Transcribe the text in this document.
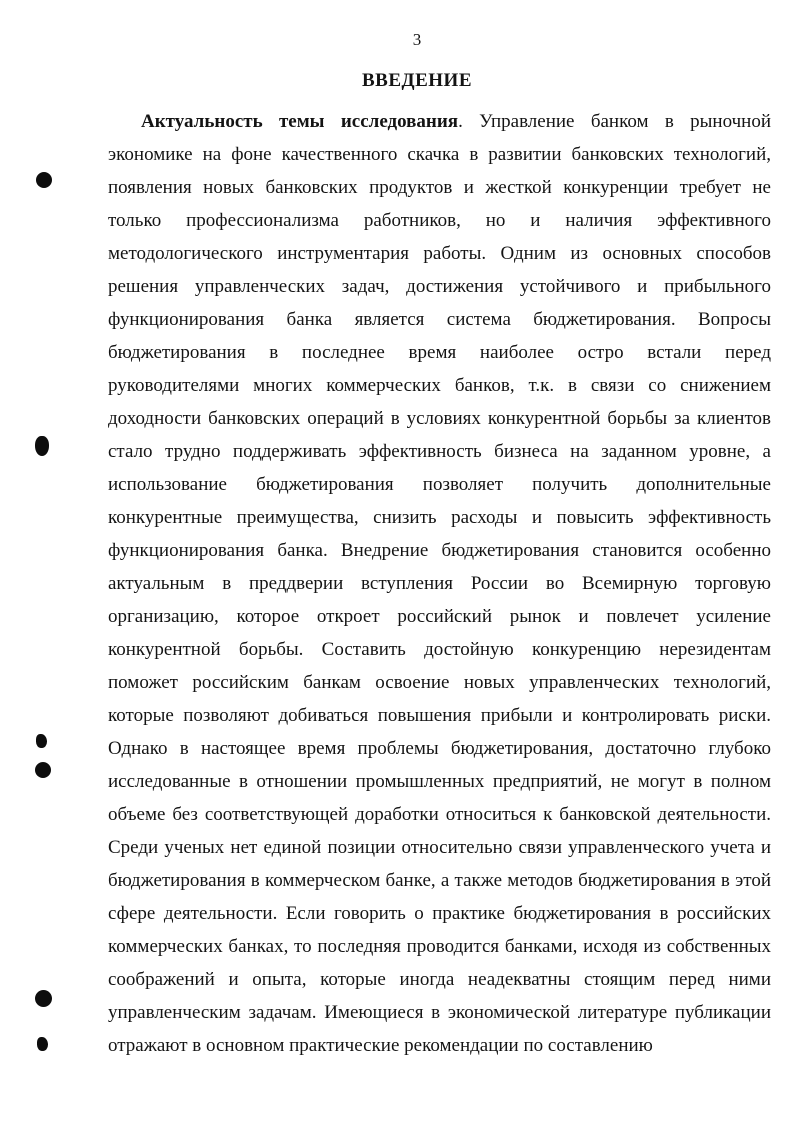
3
ВВЕДЕНИЕ

Актуальность темы исследования. Управление банком в рыночной экономике на фоне качественного скачка в развитии банковских технологий, появления новых банковских продуктов и жесткой конкуренции требует не только профессионализма работников, но и наличия эффективного методологического инструментария работы. Одним из основных способов решения управленческих задач, достижения устойчивого и прибыльного функционирования банка является система бюджетирования. Вопросы бюджетирования в последнее время наиболее остро встали перед руководителями многих коммерческих банков, т.к. в связи со снижением доходности банковских операций в условиях конкурентной борьбы за клиентов стало трудно поддерживать эффективность бизнеса на заданном уровне, а использование бюджетирования позволяет получить дополнительные конкурентные преимущества, снизить расходы и повысить эффективность функционирования банка. Внедрение бюджетирования становится особенно актуальным в преддверии вступления России во Всемирную торговую организацию, которое откроет российский рынок и повлечет усиление конкурентной борьбы. Составить достойную конкуренцию нерезидентам поможет российским банкам освоение новых управленческих технологий, которые позволяют добиваться повышения прибыли и контролировать риски. Однако в настоящее время проблемы бюджетирования, достаточно глубоко исследованные в отношении промышленных предприятий, не могут в полном объеме без соответствующей доработки относиться к банковской деятельности. Среди ученых нет единой позиции относительно связи управленческого учета и бюджетирования в коммерческом банке, а также методов бюджетирования в этой сфере деятельности. Если говорить о практике бюджетирования в российских коммерческих банках, то последняя проводится банками, исходя из собственных соображений и опыта, которые иногда неадекватны стоящим перед ними управленческим задачам. Имеющиеся в экономической литературе публикации отражают в основном практические рекомендации по составлению
